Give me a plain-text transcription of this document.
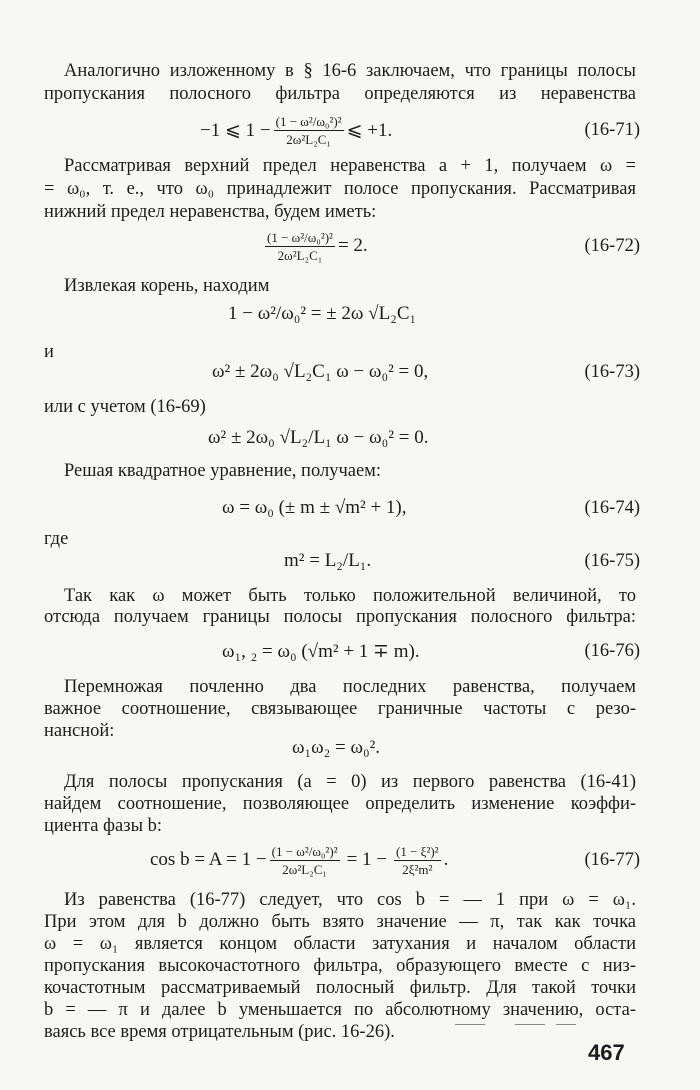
Аналогично изложенному в § 16-6 заключаем, что границы полосы
пропускания полосного фильтра определяются из неравенства
−1 ⩽ $1 - \frac{\text{(1 − ω²/ω₀²)²}}{\text{2ω²L₂C₁}}$ ⩽ +1.	(16-71)
Рассматривая верхний предел неравенства a + 1, получаем ω =
= ω₀, т. е., что ω₀ принадлежит полосе пропускания. Рассматривая
нижний предел неравенства, будем иметь:
$\frac{\text{(1 − ω²/ω₀²)²}}{\text{2ω²L₂C₁}} = 2$.	(16-72)
Извлекая корень, находим
1 − ω²/ω₀² = ± 2ω √L₂C₁
и
ω² ± 2ω₀ √L₂C₁ ω − ω₀² = 0,	(16-73)
или с учетом (16-69)
ω² ± 2ω₀ √L₂/L₁ ω − ω₀² = 0.
Решая квадратное уравнение, получаем:
ω = ω₀ (± m ± √m² + 1),	(16-74)
где
m² = L₂/L₁.	(16-75)
Так как ω может быть только положительной величиной, то
отсюда получаем границы полосы пропускания полосного фильтра:
ω₁, ₂ = ω₀ (√m² + 1 ∓ m).	(16-76)
Перемножая почленно два последних равенства, получаем
важное соотношение, связывающее граничные частоты с резо-
нансной:
ω₁ω₂ = ω₀².
Для полосы пропускания (a = 0) из первого равенства (16-41)
найдем соотношение, позволяющее определить изменение коэффи-
циента фазы b:
$\cos b = A = 1 - \frac{\text{(1 − ω²/ω₀²)²}}{\text{2ω²L₂C₁}} = 1 - \frac{\text{(1 − ξ²)²}}{\text{2ξ²m²}}$ .	(16-77)
Из равенства (16-77) следует, что cos b = — 1 при ω = ω₁.
При этом для b должно быть взято значение — π, так как точка
ω = ω₁ является концом области затухания и началом области
пропускания высокочастотного фильтра, образующего вместе с низ-
кочастотным рассматриваемый полосный фильтр. Для такой точки
b = — π и далее b уменьшается по абсолютному значению, оста-
ваясь все время отрицательным (рис. 16-26).
467
